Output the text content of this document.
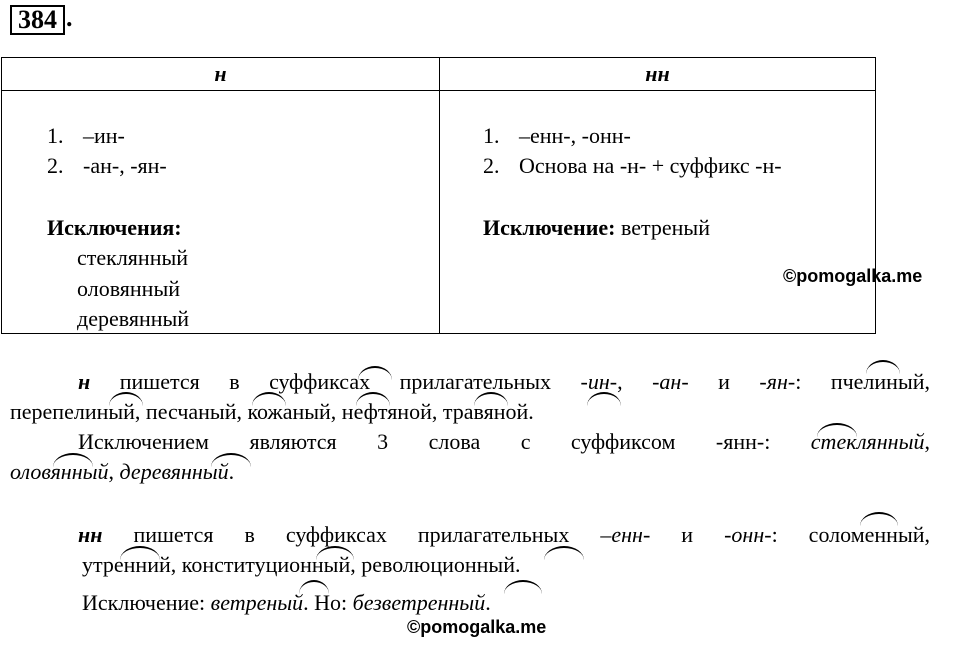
384 .
н	нн
1. –ин-
2. -ан-, -ян-
Исключения:
стеклянный
оловянный
деревянный
1. –енн-, -онн-
2. Основа на -н- + суффикс -н-
Исключение: ветреный
©pomogalka.me

н пишется в суффиксах прилагательных -ин-, -ан- и -ян-: пчелиный,

перепелиный, песчаный, кожаный, нефтяной, травяной.

Исключением являются 3 слова с суффиксом -янн-: стеклянный,

оловянный, деревянный.

нн пишется в суффиксах прилагательных –енн- и -онн-: соломенный,

утренний, конституционный, революционный.

Исключение: ветреный. Но: безветренный.

©pomogalka.me
